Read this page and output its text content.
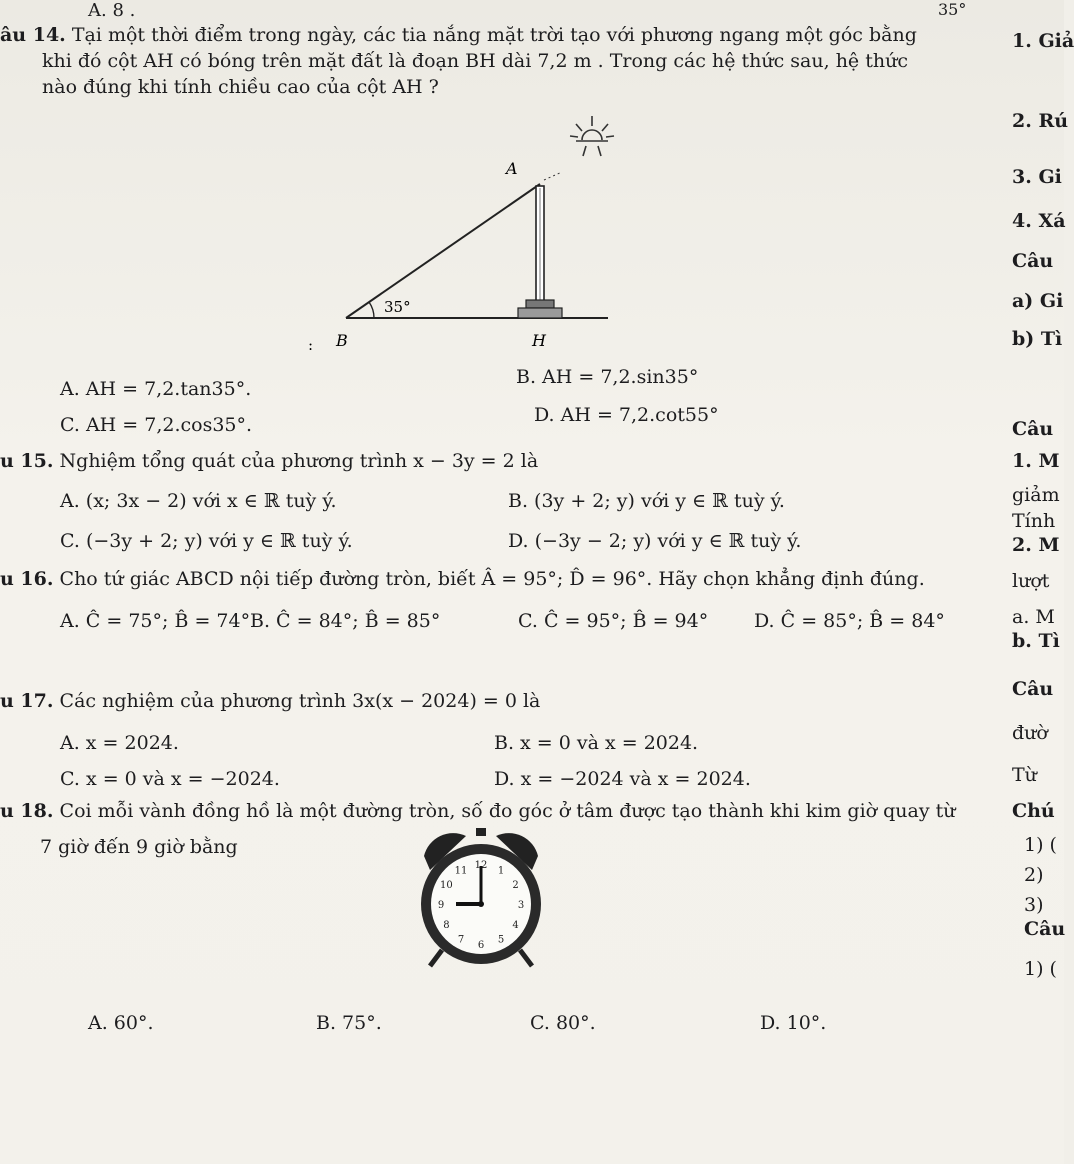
A. 8 .	35°
âu 14. Tại một thời điểm trong ngày, các tia nắng mặt trời tạo với phương ngang một góc bằng
khi đó cột AH có bóng trên mặt đất là đoạn BH dài 7,2 m . Trong các hệ thức sau, hệ thức
nào đúng khi tính chiều cao của cột AH ?
A
B	H
35°
:
A. AH = 7,2.tan35°.
B. AH = 7,2.sin35°
C. AH = 7,2.cos35°.	D. AH = 7,2.cot55°
u 15. Nghiệm tổng quát của phương trình x − 3y = 2 là
A. (x; 3x − 2) với x ∈ ℝ tuỳ ý.	B. (3y + 2; y) với y ∈ ℝ tuỳ ý.
C. (−3y + 2; y) với y ∈ ℝ tuỳ ý.	D. (−3y − 2; y) với y ∈ ℝ tuỳ ý.
u 16. Cho tứ giác ABCD nội tiếp đường tròn, biết Â = 95°; D̂ = 96°. Hãy chọn khẳng định đúng.
A. Ĉ = 75°; B̂ = 74° B. Ĉ = 84°; B̂ = 85°	C. Ĉ = 95°; B̂ = 94° D. Ĉ = 85°; B̂ = 84°
u 17. Các nghiệm của phương trình 3x(x − 2024) = 0 là
A. x = 2024.	B. x = 0 và x = 2024.
C. x = 0 và x = −2024.	D. x = −2024 và x = 2024.
u 18. Coi mỗi vành đồng hồ là một đường tròn, số đo góc ở tâm được tạo thành khi kim giờ quay từ
7 giờ đến 9 giờ bằng
12 1
2
3
4
5
6
7
8
9
10
11
A. 60°.	B. 75°.	C. 80°.	D. 10°.
1. Giả
2. Rú
3. Gi
4. Xá
Câu
a) Gi
b) Tì
Câu
1. M
giảm
Tính
2. M
lượt
a. M
b. Tì
Câu
đườ
Từ
Chú
1) (
2)
3)
Câu
1) (
